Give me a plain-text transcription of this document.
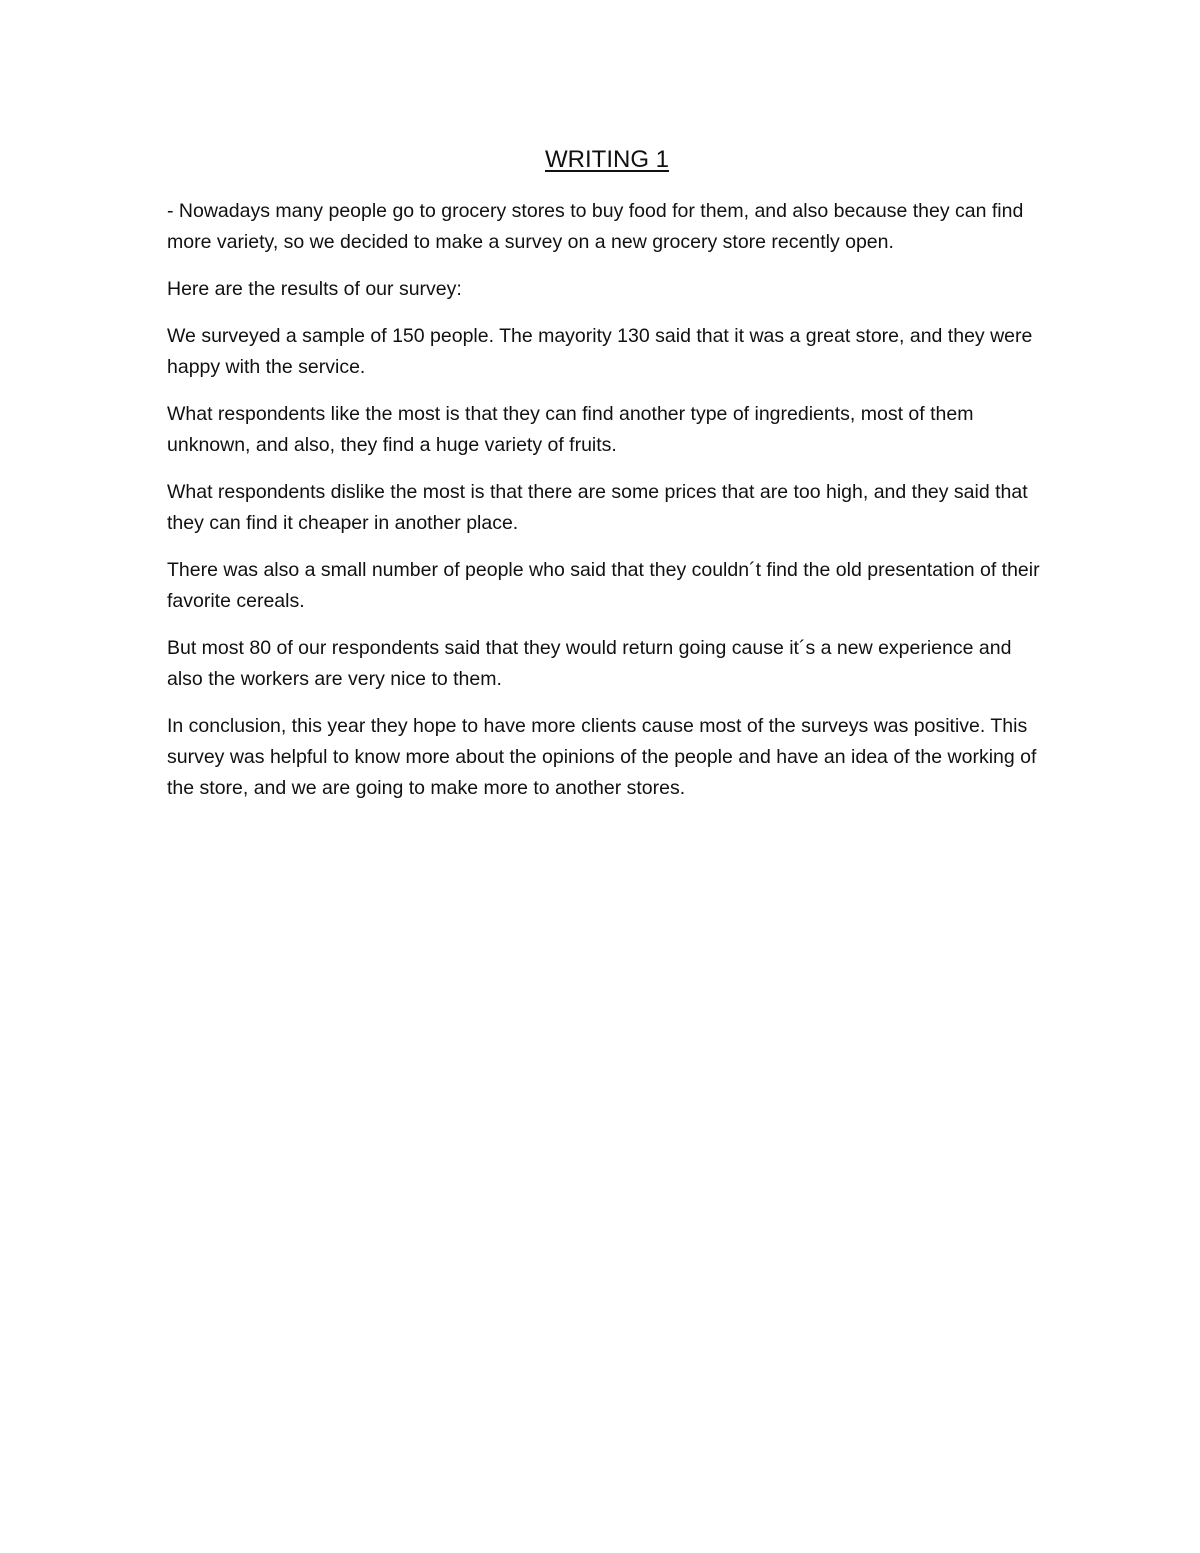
WRITING 1

- Nowadays many people go to grocery stores to buy food for them, and also because they can find more variety, so we decided to make a survey on a new grocery store recently open.

Here are the results of our survey:

We surveyed a sample of 150 people. The mayority 130 said that it was a great store, and they were happy with the service.

What respondents like the most is that they can find another type of ingredients, most of them unknown, and also, they find a huge variety of fruits.

What respondents dislike the most is that there are some prices that are too high, and they said that they can find it cheaper in another place.

There was also a small number of people who said that they couldn´t find the old presentation of their favorite cereals.

But most 80 of our respondents said that they would return going cause it´s a new experience and also the workers are very nice to them.

In conclusion, this year they hope to have more clients cause most of the surveys was positive. This survey was helpful to know more about the opinions of the people and have an idea of the working of the store, and we are going to make more to another stores.
